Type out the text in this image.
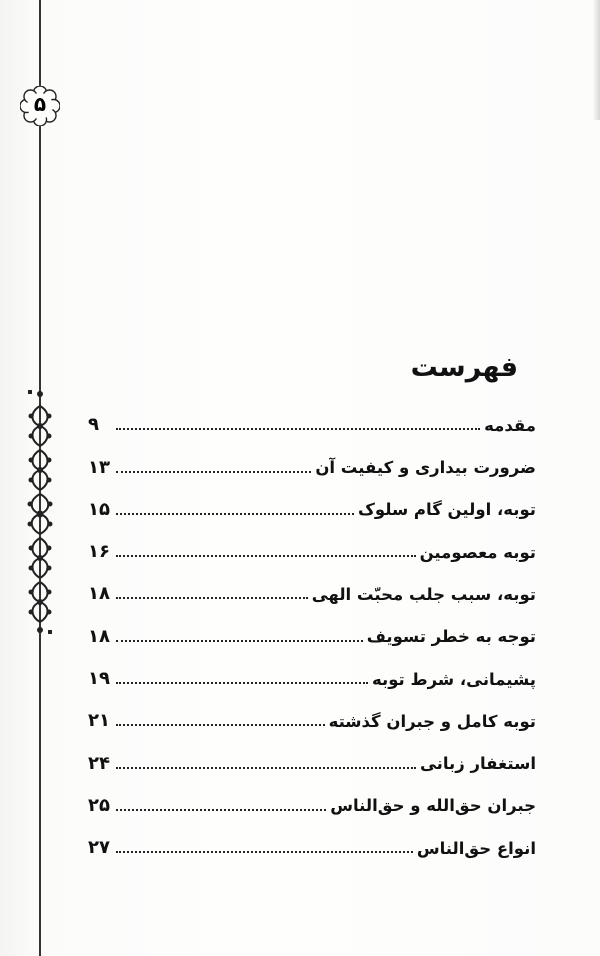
۵
فهرست
مقدمه
۹
ضرورت بیداری و کیفیت آن
۱۳
توبه، اولین گام سلوک
۱۵
توبه معصومین
۱۶
توبه، سبب جلب محبّت الهی
۱۸
توجه به خطر تسویف
۱۸
پشیمانی، شرط توبه
۱۹
توبه کامل و جبران گذشته
۲۱
استغفار زبانی
۲۴
جبران حق‌الله و حق‌الناس
۲۵
انواع حق‌الناس
۲۷
